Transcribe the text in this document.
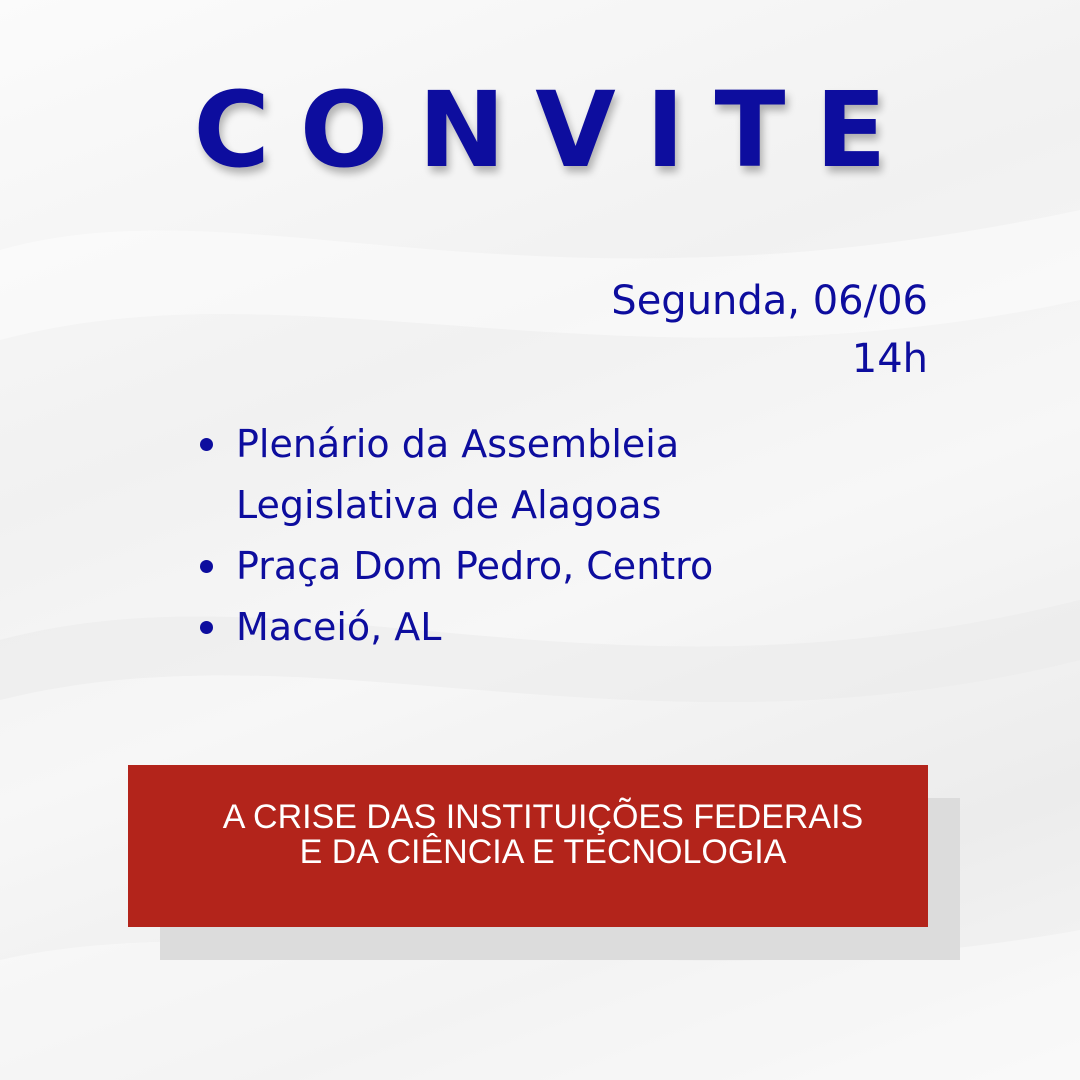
CONVITE
Segunda, 06/06
14h
Plenário da Assembleia Legislativa de Alagoas
Praça Dom Pedro, Centro
Maceió, AL
A CRISE DAS INSTITUIÇÕES FEDERAIS
E DA CIÊNCIA E TECNOLOGIA
